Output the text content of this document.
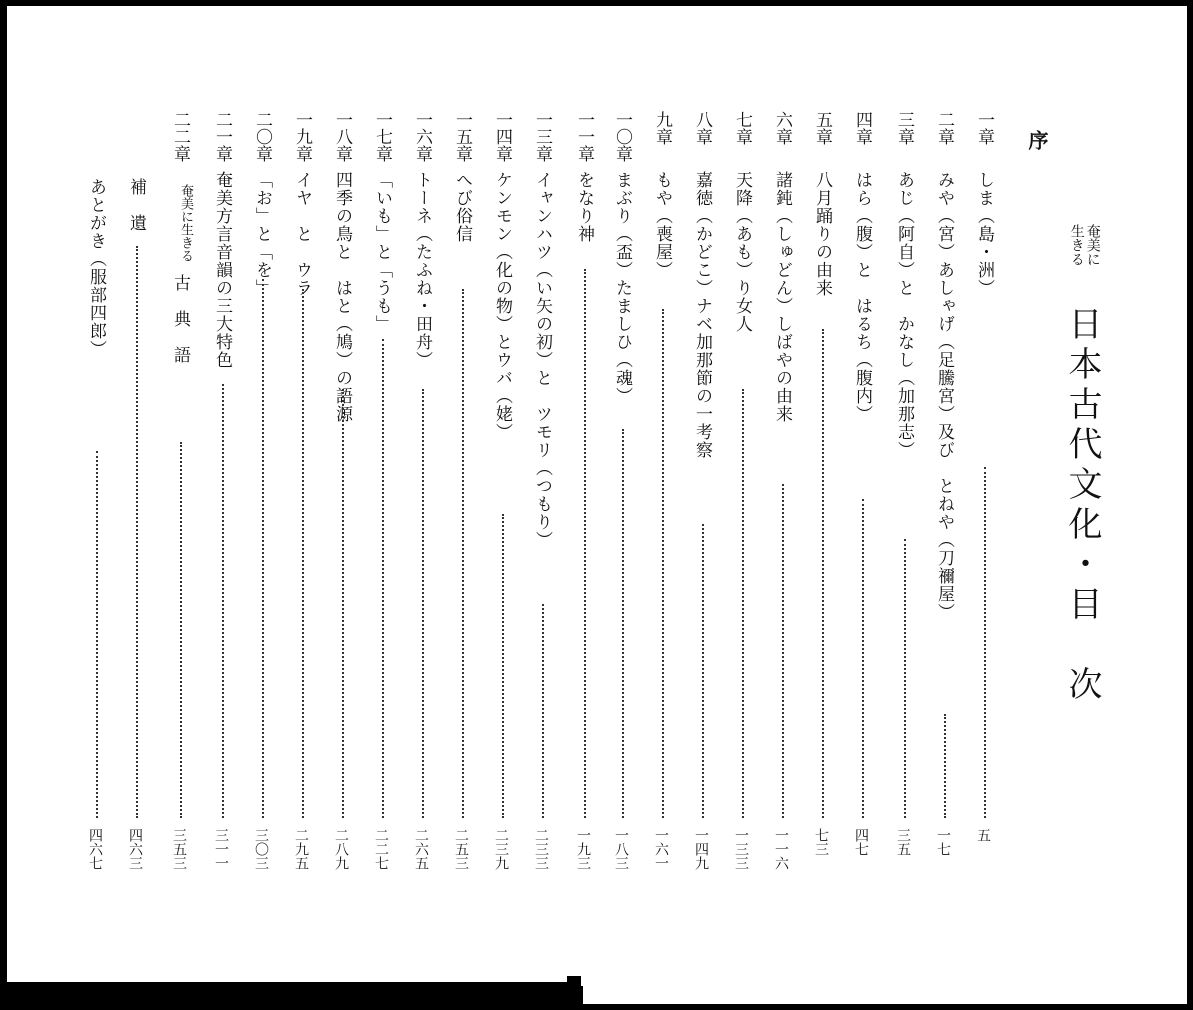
序
奄美に
生きる
日本古代文化・目　次
一章
しま（島・洲）
五
二章
みや（宮）あしゃげ（足騰宮）及び　とねや（刀禰屋）
一七
三章
あじ（阿自）と　かなし（加那志）
三五
四章
はら（腹）と　はるち（腹内）
四七
五章
八月踊りの由来
七三
六章
諸鈍（しゅどん）しばやの由来
一一六
七章
天降（あも）り女人
一三三
八章
嘉徳（かどこ）ナベ加那節の一考察
一四九
九章
もや（喪屋）
一六一
一〇章
まぶり（盃）たましひ（魂）
一八三
一一章
をなり神
一九三
一三章
イャンハツ（い矢の初）と　ツモリ（つもり）
二三三
一四章
ケンモン（化の物）とウバ（姥）
二三九
一五章
へび俗信
二五三
一六章
トーネ（たふね・田舟）
二六五
一七章
「いも」と「うも」
二二七
一八章
四季の鳥と　はと（鳩）の語源
二八九
一九章
イヤ　と　ウラ
二九五
二〇章
「お」と「を」
三〇三
二一章
奄美方言音韻の三大特色
三一一
二二章
奄美に生きる
古　典　語
三五三
補　遺
四六三
あとがき（服部四郎）
四六七
